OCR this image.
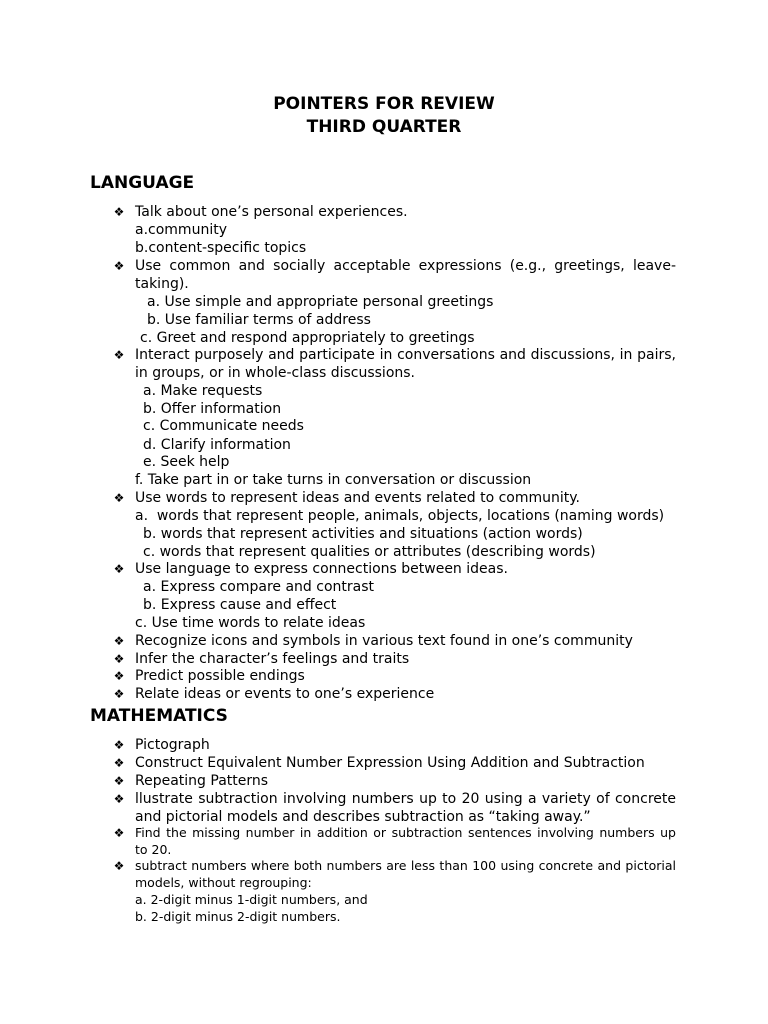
POINTERS FOR REVIEW
THIRD QUARTER
LANGUAGE
❖ Talk about one’s personal experiences.
a.community
b.content-specific topics
❖ Use common and socially acceptable expressions (e.g., greetings, leave-
taking).
a. Use simple and appropriate personal greetings
b. Use familiar terms of address
c. Greet and respond appropriately to greetings
❖ Interact purposely and participate in conversations and discussions, in pairs,
in groups, or in whole-class discussions.
a. Make requests
b. Offer information
c. Communicate needs
d. Clarify information
e. Seek help
f. Take part in or take turns in conversation or discussion
❖ Use words to represent ideas and events related to community.
a.  words that represent people, animals, objects, locations (naming words)
b. words that represent activities and situations (action words)
c. words that represent qualities or attributes (describing words)
❖ Use language to express connections between ideas.
a. Express compare and contrast
b. Express cause and effect
c. Use time words to relate ideas
❖ Recognize icons and symbols in various text found in one’s community
❖ Infer the character’s feelings and traits
❖ Predict possible endings
❖ Relate ideas or events to one’s experience
MATHEMATICS
❖ Pictograph
❖ Construct Equivalent Number Expression Using Addition and Subtraction
❖ Repeating Patterns
❖ llustrate subtraction involving numbers up to 20 using a variety of concrete
and pictorial models and describes subtraction as “taking away.”
❖ Find the missing number in addition or subtraction sentences involving numbers up
to 20.
❖ subtract numbers where both numbers are less than 100 using concrete and pictorial
models, without regrouping:
a. 2-digit minus 1-digit numbers, and
b. 2-digit minus 2-digit numbers.
